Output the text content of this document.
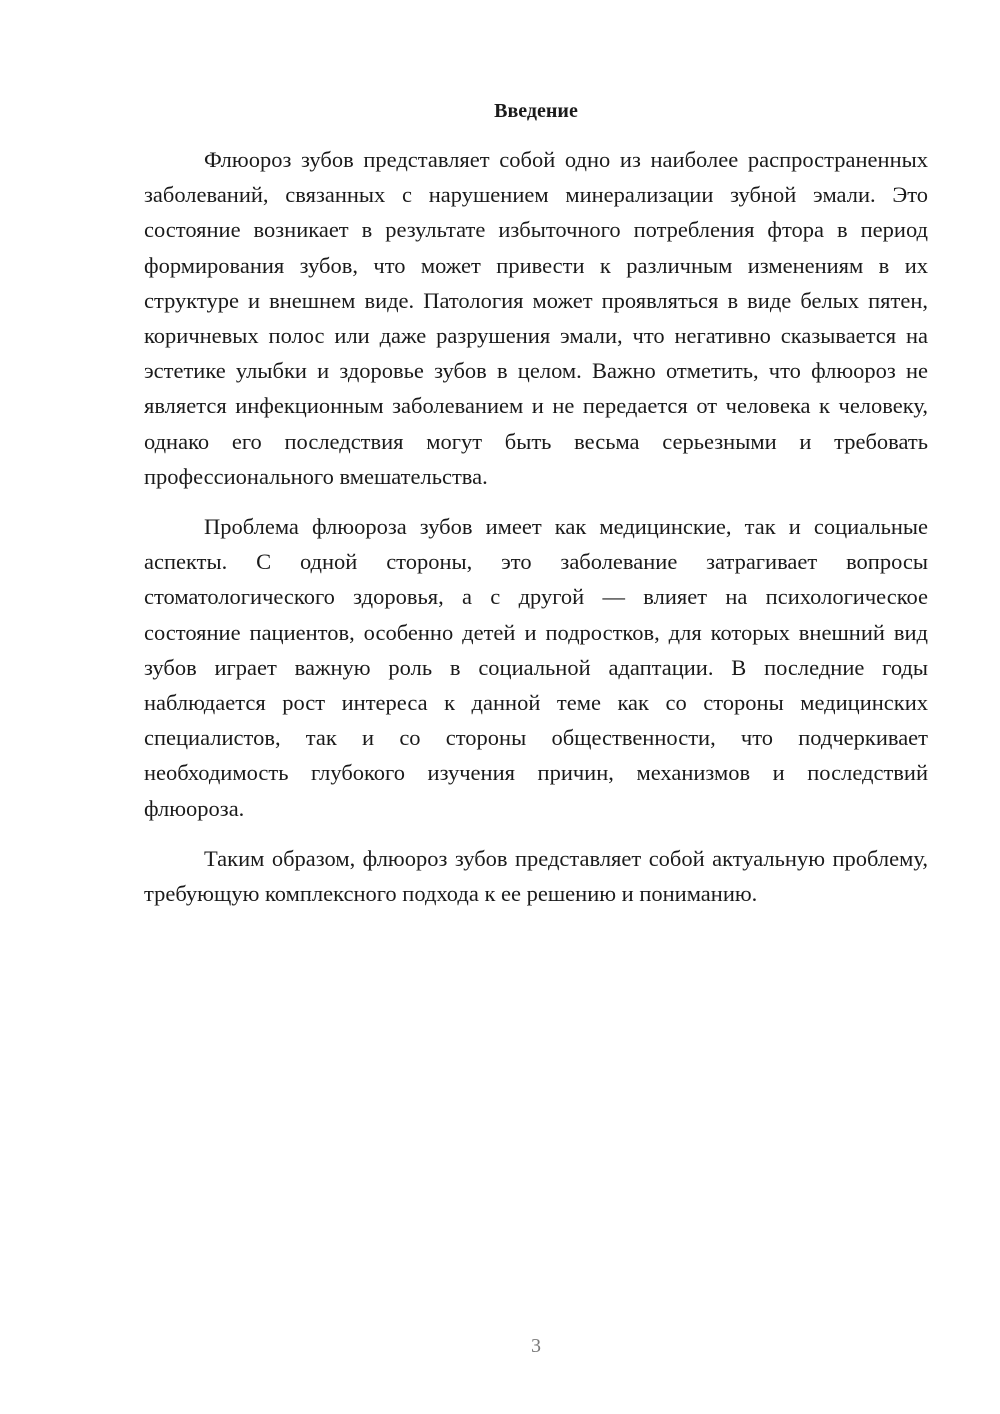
Введение

Флюороз зубов представляет собой одно из наиболее распространенных заболеваний, связанных с нарушением минерализации зубной эмали. Это состояние возникает в результате избыточного потребления фтора в период формирования зубов, что может привести к различным изменениям в их структуре и внешнем виде. Патология может проявляться в виде белых пятен, коричневых полос или даже разрушения эмали, что негативно сказывается на эстетике улыбки и здоровье зубов в целом. Важно отметить, что флюороз не является инфекционным заболеванием и не передается от человека к человеку, однако его последствия могут быть весьма серьезными и требовать профессионального вмешательства.

Проблема флюороза зубов имеет как медицинские, так и социальные аспекты. С одной стороны, это заболевание затрагивает вопросы стоматологического здоровья, а с другой — влияет на психологическое состояние пациентов, особенно детей и подростков, для которых внешний вид зубов играет важную роль в социальной адаптации. В последние годы наблюдается рост интереса к данной теме как со стороны медицинских специалистов, так и со стороны общественности, что подчеркивает необходимость глубокого изучения причин, механизмов и последствий флюороза.

Таким образом, флюороз зубов представляет собой актуальную проблему, требующую комплексного подхода к ее решению и пониманию.

3
